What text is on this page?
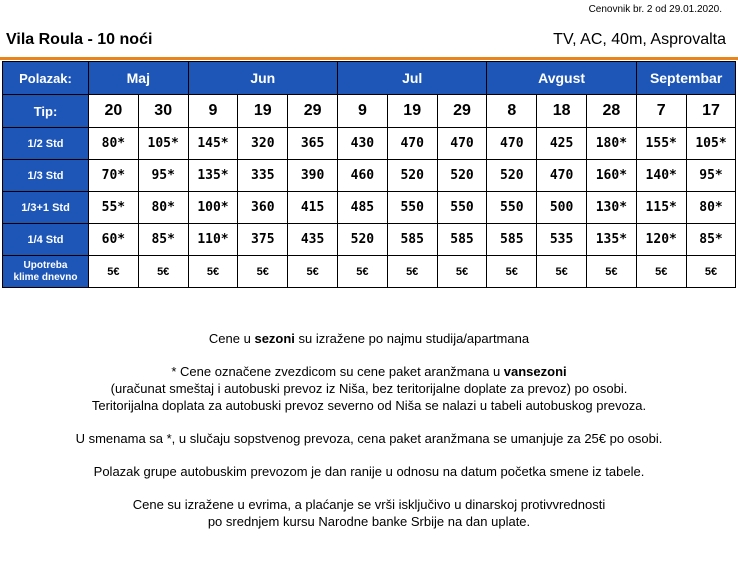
Cenovnik br. 2 od 29.01.2020.
Vila Roula - 10 noći	TV, AC, 40m, Asprovalta
Polazak:	Maj		Jun			Jul			Avgust			Septembar	
Tip:	20	30	9	19	29	9	19	29	8	18	28	7	17
1/2 Std	80*	105*	145*	320	365	430	470	470	470	425	180*	155*	105*
1/3 Std	70*	95*	135*	335	390	460	520	520	520	470	160*	140*	95*
1/3+1 Std	55*	80*	100*	360	415	485	550	550	550	500	130*	115*	80*
1/4 Std	60*	85*	110*	375	435	520	585	585	585	535	135*	120*	85*
Upotreba
klime dnevno	5€	5€	5€	5€	5€	5€	5€	5€	5€	5€	5€	5€	5€

Cene u sezoni su izražene po najmu studija/apartmana

* Cene označene zvezdicom su cene paket aranžmana u vansezoni
(uračunat smeštaj i autobuski prevoz iz Niša, bez teritorijalne doplate za prevoz) po osobi.
Teritorijalna doplata za autobuski prevoz severno od Niša se nalazi u tabeli autobuskog prevoza.

U smenama sa *, u slučaju sopstvenog prevoza, cena paket aranžmana se umanjuje za 25€ po osobi.

Polazak grupe autobuskim prevozom je dan ranije u odnosu na datum početka smene iz tabele.

Cene su izražene u evrima, a plaćanje se vrši isključivo u dinarskoj protivvrednosti
po srednjem kursu Narodne banke Srbije na dan uplate.
